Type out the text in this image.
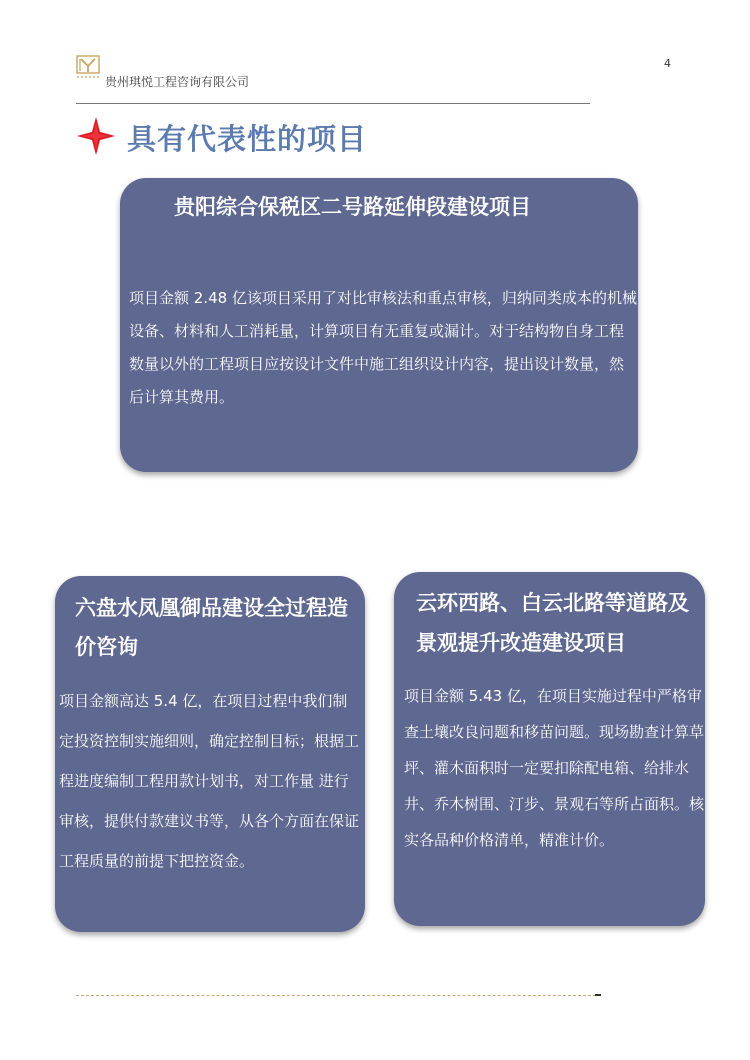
4
贵州琪悦工程咨询有限公司
具有代表性的项目
贵阳综合保税区二号路延伸段建设项目
项目金额 2.48 亿该项目采用了对比审核法和重点审核，归纳同类成本的机械设备、材料和人工消耗量，计算项目有无重复或漏计。对于结构物自身工程数量以外的工程项目应按设计文件中施工组织设计内容，提出设计数量，然后计算其费用。
六盘水凤凰御品建设全过程造价咨询
项目金额高达 5.4 亿，在项目过程中我们制定投资控制实施细则，确定控制目标；根据工程进度编制工程用款计划书，对工作量 进行审核，提供付款建议书等，从各个方面在保证工程质量的前提下把控资金。
云环西路、白云北路等道路及景观提升改造建设项目
项目金额 5.43 亿，在项目实施过程中严格审查土壤改良问题和移苗问题。现场勘查计算草坪、灌木面积时一定要扣除配电箱、给排水井、乔木树围、汀步、景观石等所占面积。核实各品种价格清单，精准计价。
